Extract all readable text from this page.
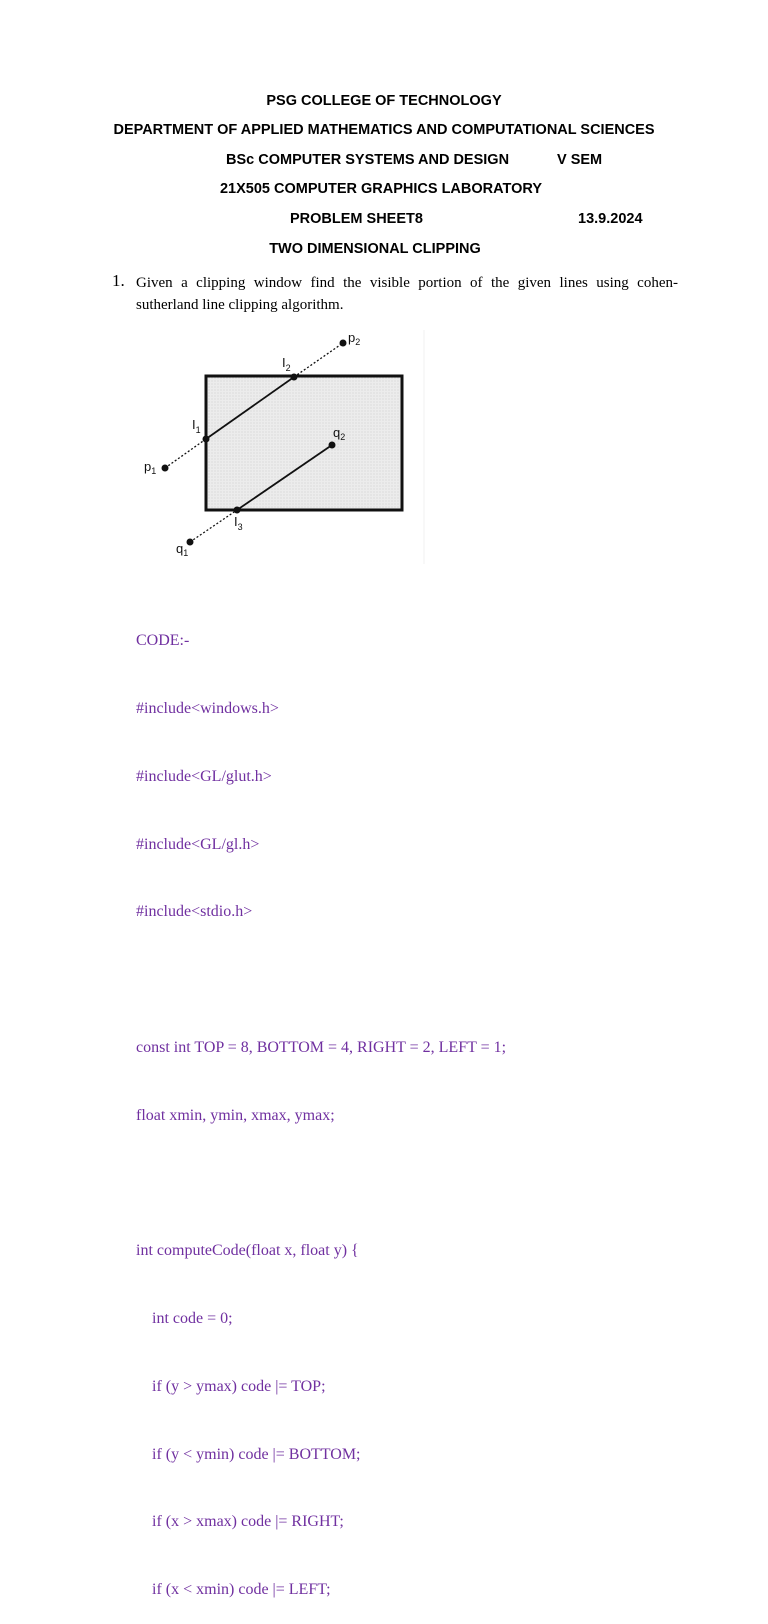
PSG COLLEGE OF TECHNOLOGY
DEPARTMENT OF APPLIED MATHEMATICS AND COMPUTATIONAL SCIENCES
BSc COMPUTER SYSTEMS AND DESIGN	V SEM
21X505 COMPUTER GRAPHICS LABORATORY
PROBLEM SHEET8	13.9.2024
TWO DIMENSIONAL CLIPPING
1. Given a clipping window find the visible portion of the given lines using cohen-sutherland line clipping algorithm.
$p_1$
$p_2$
$q_1$
$q_2$
$I_1$
$I_2$
$I_3$

CODE:-

#include<windows.h>

#include<GL/glut.h>

#include<GL/gl.h>

#include<stdio.h>

const int TOP = 8, BOTTOM = 4, RIGHT = 2, LEFT = 1;

float xmin, ymin, xmax, ymax;

int computeCode(float x, float y) {

int code = 0;

if (y > ymax) code |= TOP;

if (y < ymin) code |= BOTTOM;

if (x > xmax) code |= RIGHT;

if (x < xmin) code |= LEFT;
